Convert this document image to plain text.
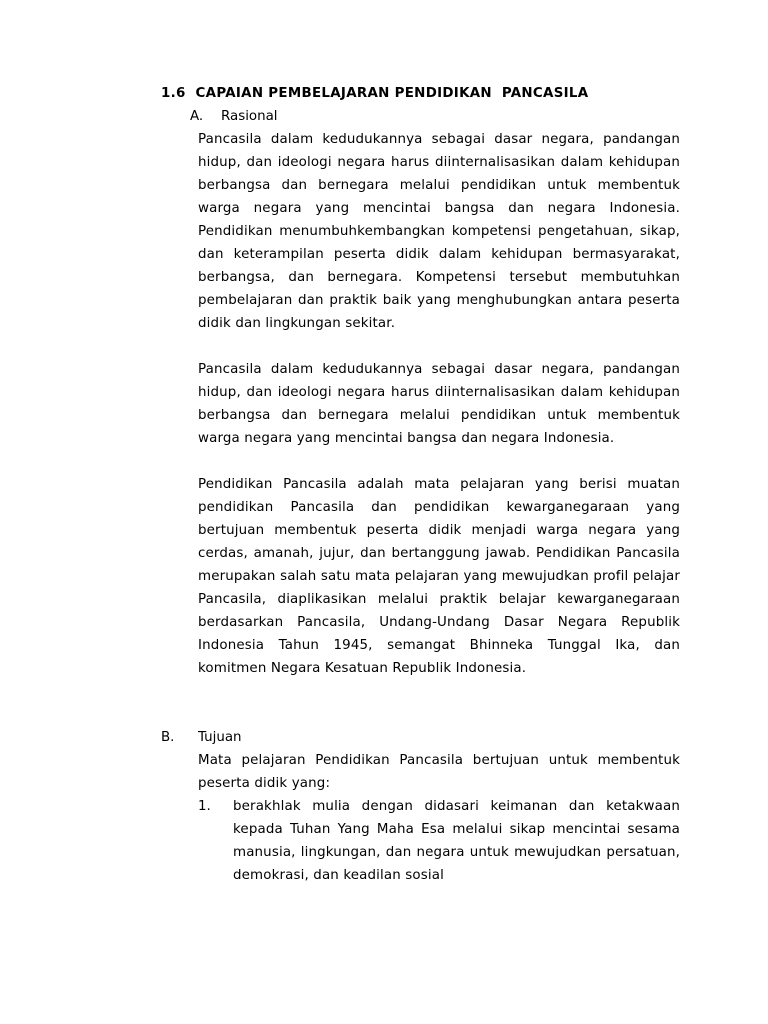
1.6  CAPAIAN PEMBELAJARAN PENDIDIKAN  PANCASILA
A. Rasional
Pancasila dalam kedudukannya sebagai dasar negara, pandangan hidup, dan ideologi negara harus diinternalisasikan dalam kehidupan berbangsa dan bernegara melalui pendidikan untuk membentuk warga negara yang mencintai bangsa dan negara Indonesia. Pendidikan menumbuhkembangkan kompetensi pengetahuan, sikap, dan keterampilan peserta didik dalam kehidupan bermasyarakat, berbangsa, dan bernegara. Kompetensi tersebut membutuhkan pembelajaran dan praktik baik yang menghubungkan antara peserta didik dan lingkungan sekitar.
Pancasila dalam kedudukannya sebagai dasar negara, pandangan hidup, dan ideologi negara harus diinternalisasikan dalam kehidupan berbangsa dan bernegara melalui pendidikan untuk membentuk warga negara yang mencintai bangsa dan negara Indonesia.
Pendidikan Pancasila adalah mata pelajaran yang berisi muatan pendidikan Pancasila dan pendidikan kewarganegaraan yang bertujuan membentuk peserta didik menjadi warga negara yang cerdas, amanah, jujur, dan bertanggung jawab. Pendidikan Pancasila merupakan salah satu mata pelajaran yang mewujudkan profil pelajar Pancasila, diaplikasikan melalui praktik belajar kewarganegaraan berdasarkan Pancasila, Undang-Undang Dasar Negara Republik Indonesia Tahun 1945, semangat Bhinneka Tunggal Ika, dan komitmen Negara Kesatuan Republik Indonesia.
B. Tujuan
Mata pelajaran Pendidikan Pancasila bertujuan untuk membentuk peserta didik yang:
1. berakhlak mulia dengan didasari keimanan dan ketakwaan kepada Tuhan Yang Maha Esa melalui sikap mencintai sesama manusia, lingkungan, dan negara untuk mewujudkan persatuan, demokrasi, dan keadilan sosial
